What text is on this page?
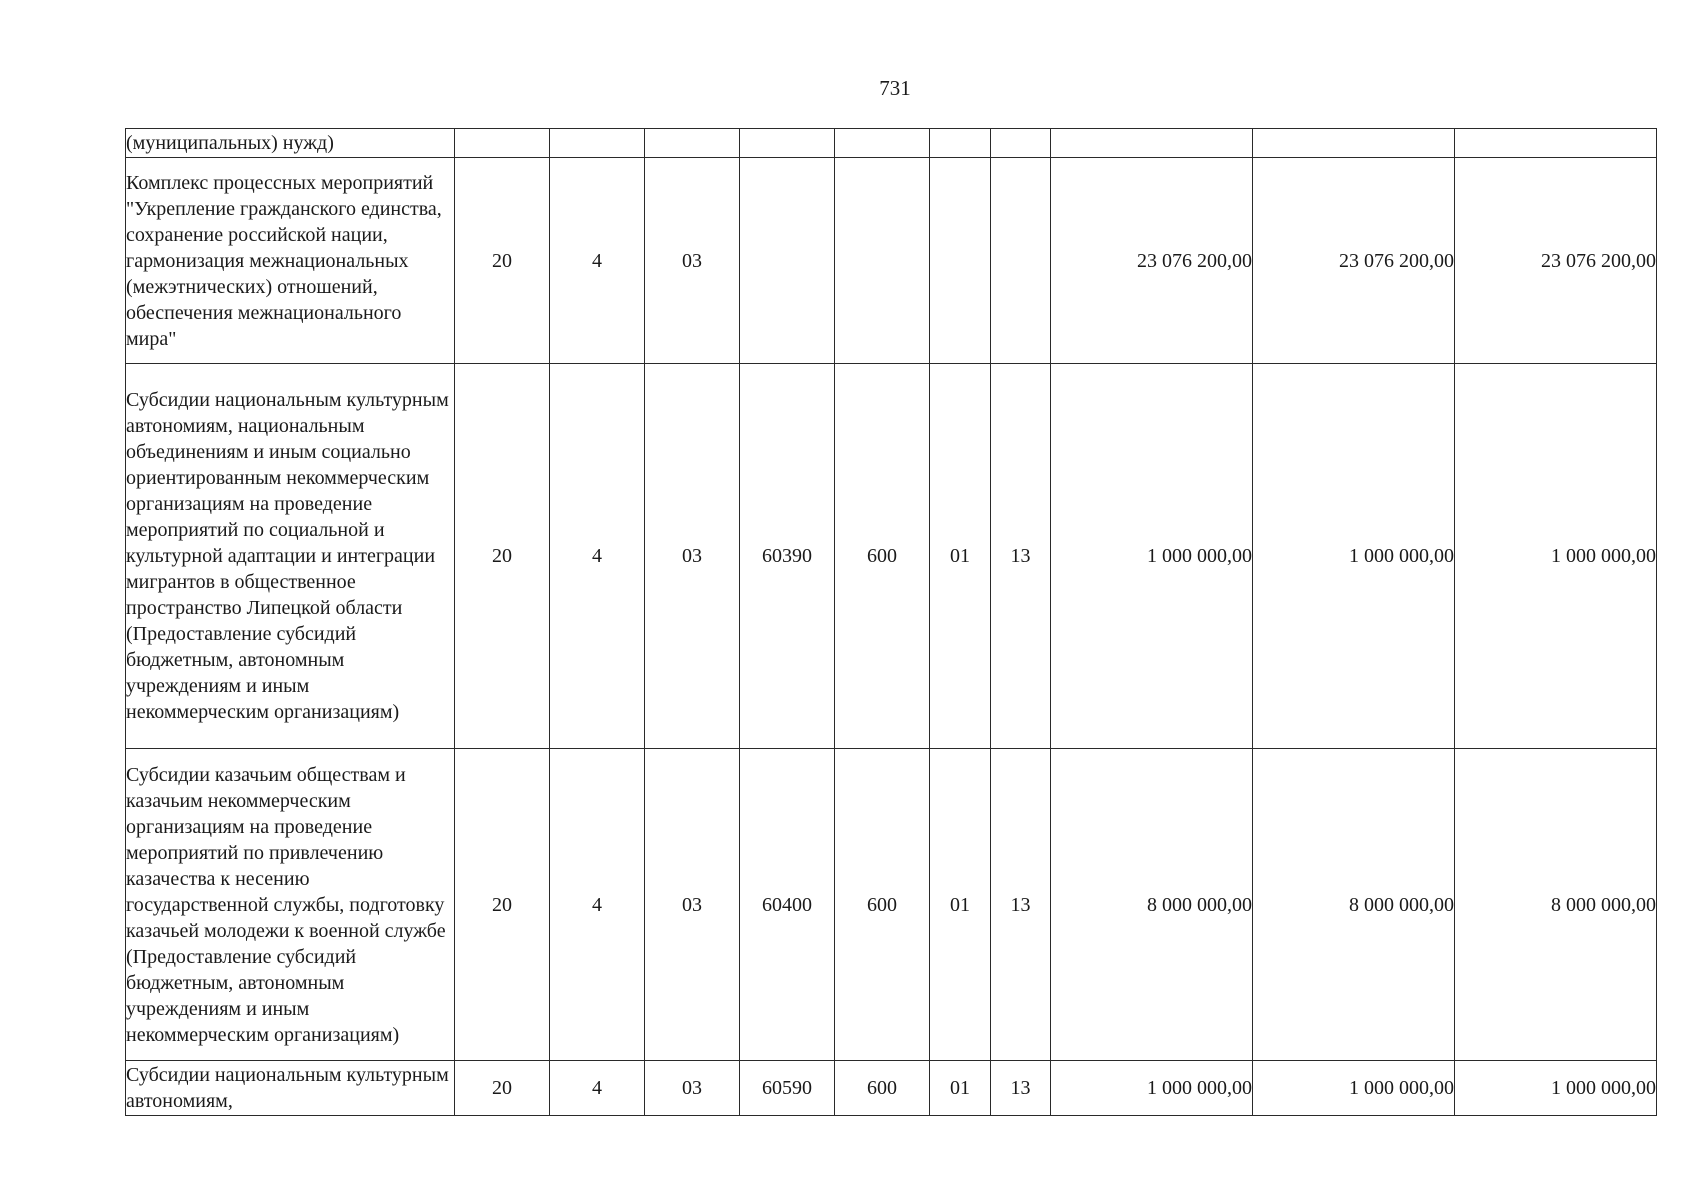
731
(муниципальных) нужд)										

Комплекс процессных мероприятий "Укрепление гражданского единства, сохранение российской нации, гармонизация межнациональных (межэтнических) отношений, обеспечения межнационального мира"	20	4	03					23 076 200,00	23 076 200,00	23 076 200,00

Субсидии национальным культурным автономиям, национальным объединениям и иным социально ориентированным некоммерческим организациям на проведение мероприятий по социальной и культурной адаптации и интеграции мигрантов в общественное пространство Липецкой области (Предоставление субсидий бюджетным, автономным учреждениям и иным некоммерческим организациям)	20	4	03	60390	600	01	13	1 000 000,00	1 000 000,00	1 000 000,00

Субсидии казачьим обществам и казачьим некоммерческим организациям на проведение мероприятий по привлечению казачества к несению государственной службы, подготовку казачьей молодежи к военной службе (Предоставление субсидий бюджетным, автономным учреждениям и иным некоммерческим организациям)	20	4	03	60400	600	01	13	8 000 000,00	8 000 000,00	8 000 000,00

Субсидии национальным культурным автономиям,	20	4	03	60590	600	01	13	1 000 000,00	1 000 000,00	1 000 000,00
